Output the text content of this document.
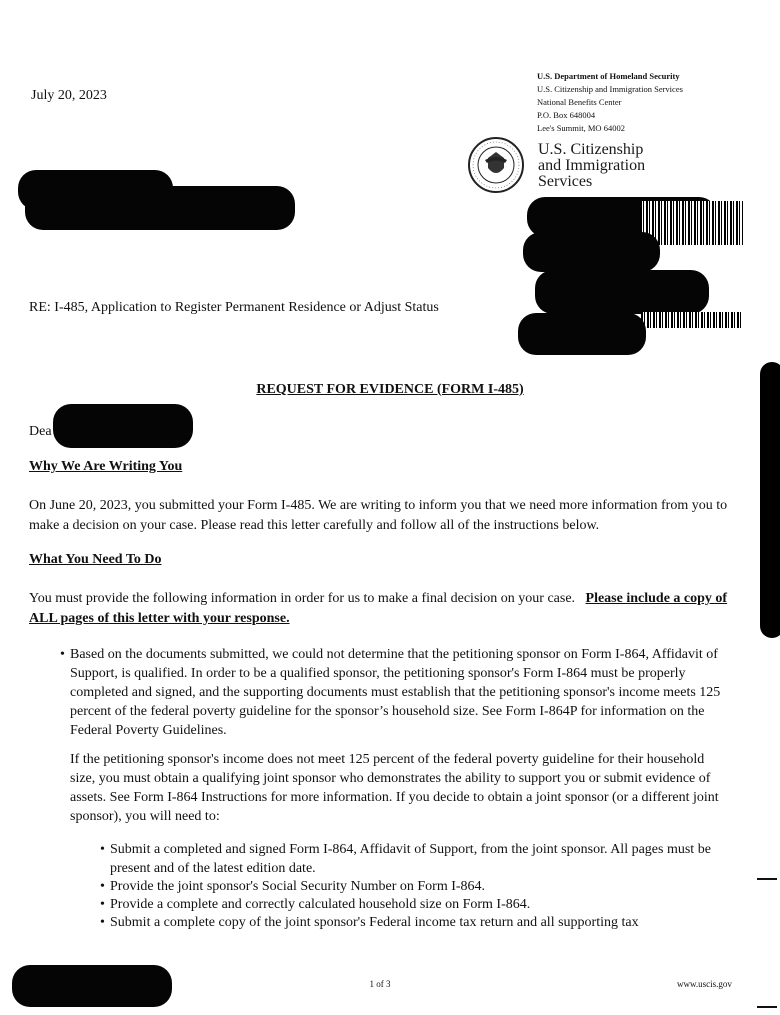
July 20, 2023
U.S. Department of Homeland Security
U.S. Citizenship and Immigration Services
National Benefits Center
P.O. Box 648004
Lee's Summit, MO 64002
U.S. Citizenship
and Immigration
Services
RE: I-485, Application to Register Permanent Residence or Adjust Status
REQUEST FOR EVIDENCE (FORM I-485)
Dea
Why We Are Writing You
On June 20, 2023, you submitted your Form I-485. We are writing to inform you that we need more information from you to make a decision on your case. Please read this letter carefully and follow all of the instructions below.
What You Need To Do
You must provide the following information in order for us to make a final decision on your case. Please include a copy of ALL pages of this letter with your response.
• Based on the documents submitted, we could not determine that the petitioning sponsor on Form I-864, Affidavit of Support, is qualified. In order to be a qualified sponsor, the petitioning sponsor's Form I-864 must be properly completed and signed, and the supporting documents must establish that the petitioning sponsor's income meets 125 percent of the federal poverty guideline for the sponsor’s household size. See Form I-864P for information on the Federal Poverty Guidelines.
If the petitioning sponsor's income does not meet 125 percent of the federal poverty guideline for their household size, you must obtain a qualifying joint sponsor who demonstrates the ability to support you or submit evidence of assets. See Form I-864 Instructions for more information. If you decide to obtain a joint sponsor (or a different joint sponsor), you will need to:
• Submit a completed and signed Form I-864, Affidavit of Support, from the joint sponsor. All pages must be present and of the latest edition date.
• Provide the joint sponsor's Social Security Number on Form I-864.
• Provide a complete and correctly calculated household size on Form I-864.
• Submit a complete copy of the joint sponsor's Federal income tax return and all supporting tax
1 of 3	www.uscis.gov
